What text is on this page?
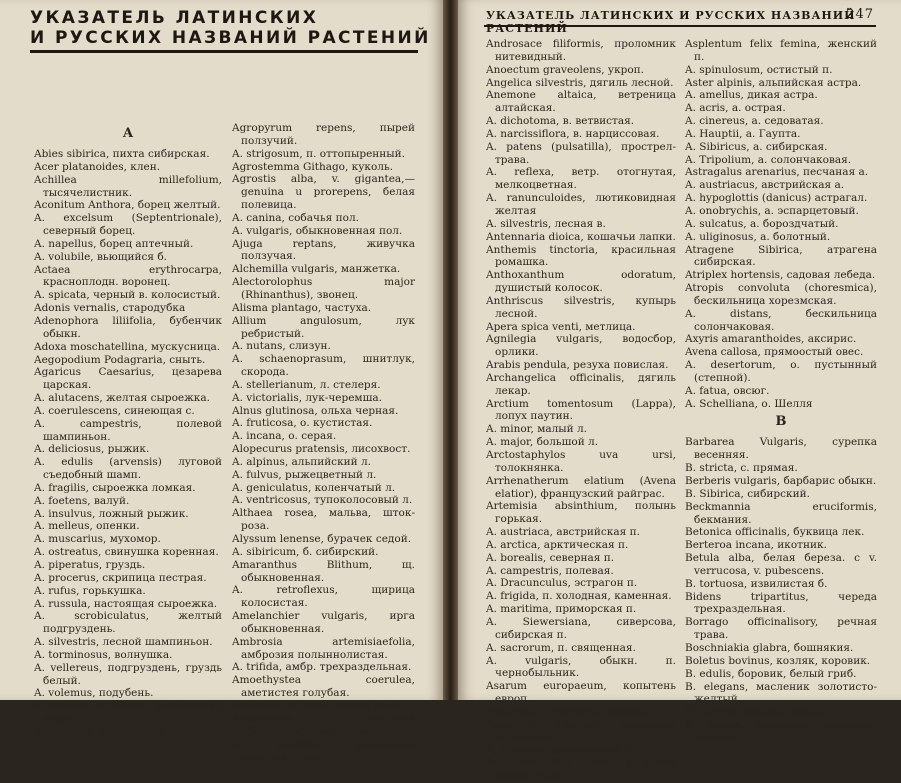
УКАЗАТЕЛЬ ЛАТИНСКИХ
И РУССКИХ НАЗВАНИЙ РАСТЕНИЙ
А

Abies sibirica, пихта сибирская.

Acer platanoides, клен.

Achillea millefolium, тысячелистник.

Aconitum Anthora, борец желтый.

A. excelsum (Septentrionale), северный борец.

A. napellus, борец аптечный.

A. volubile, вьющийся б.

Actaea erythrocarpa, красноплодн. воронец.

A. spicata, черный в. колосистый.

Adonis vernalis, стародубка

Adenophora liliifolia, бубенчик обыкн.

Adoxa moschatellina, мускусница.

Aegopodium Podagraria, сныть.

Agaricus Caesarius, цезарева царская.

A. alutacens, желтая сыроежка.

A. coerulescens, синеющая с.

A. campestris, полевой шампиньон.

A. deliciosus, рыжик.

A. edulis (arvensis) луговой съедобный шамп.

A. fragilis, сыроежка ломкая.

A. foetens, валуй.

A. insulvus, ложный рыжик.

A. melleus, опенки.

A. muscarius, мухомор.

A. ostreatus, свинушка коренная.

A. piperatus, груздь.

A. procerus, скрипица пестрая.

A. rufus, горькушка.

A. russula, настоящая сыроежка.

A. scrobiculatus, желтый подгруздень.

A. silvestris, лесной шампиньон.

A. torminosus, волнушка.

A. vellereus, подгруздень, груздь белый.

A. volemus, подубень.

Agrimonia eupatoria, репейничек европ.

A. pilosa, р. волосистый.

Agropyrum repens, пырей ползучий.

A. strigosum, п. оттопыренный.

Agrostemma Githago, куколь.

Agrostis alba, v. gigantea,—genuina u prorepens, белая полевица.

A. canina, собачья пол.

A. vulgaris, обыкновенная пол.

Ajuga reptans, живучка ползучая.

Alchemilla vulgaris, манжетка.

Alectorolophus major (Rhinanthus), звонец.

Alisma plantago, частуха.

Allium angulosum, лук ребристый.

A. nutans, слизун.

A. schaenoprasum, шнитлук, скорода.

A. stellerianum, л. стелеря.

A. victorialis, лук-черемша.

Alnus glutinosa, ольха черная.

A. fruticosa, о. кустистая.

A. incana, о. серая.

Alopecurus pratensis, лисохвост.

A. alpinus, альпийский л.

A. fulvus, рыжецветный л.

A. geniculatus, коленчатый л.

A. ventricosus, тупоколосовый л.

Althaea rosea, мальва, шток-роза.

Alyssum lenense, бурачек седой.

A. sibiricum, б. сибирский.

Amaranthus Blithum, щ. обыкновенная.

A. retroflexus, щирица колосистая.

Amelanchier vulgaris, ирга обыкновенная.

Ambrosia artemisiaefolia, амброзия полыннолистая.

A. trifida, амбр. трехраздельная.

Amoethystea coerulea, аметистея голубая.

Anagallis vulgaris, очный цвет.

Andromeda calyculata (Cassandra), кассандра обыкн.

A. polifolia, андромеда многолистная.

УКАЗАТЕЛЬ ЛАТИНСКИХ И РУССКИХ НАЗВАНИЙ РАСТЕНИЙ
247

Androsace filiformis, проломник нитевидный.

Anoectum graveolens, укроп.

Angelica silvestris, дягиль лесной.

Anemone altaica, ветреница алтайская.

A. dichotoma, в. ветвистая.

A. narcissiflora, в. нарциссовая.

A. patens (pulsatilla), прострел-трава.

A. reflexa, ветр. отогнутая, мелкоцветная.

A. ranunculoides, лютиковидная желтая

A. silvestris, лесная в.

Antennaria dioica, кошачьи лапки.

Anthemis tinctoria, красильная ромашка.

Anthoxanthum odoratum, душистый колосок.

Anthriscus silvestris, купырь лесной.

Apera spica venti, метлица.

Agnilegia vulgaris, водосбор, орлики.

Arabis pendula, резуха повислая.

Archangelica officinalis, дягиль лекар.

Arctium tomentosum (Lappa), лопух паутин.

A. minor, малый л.

A. major, большой л.

Arctostaphylos uva ursi, толокнянка.

Arrhenatherum elatium (Avena elatior), французский райграс.

Artemisia absinthium, полынь горькая.

A. austriaca, австрийская п.

A. arctica, арктическая п.

A. borealis, северная п.

A. campestris, полевая.

A. Dracunculus, эстрагон п.

A. frigida, п. холодная, каменная.

A. maritima, приморская п.

A. Siewersiana, сиверсова, сибирская п.

A. sacrorum, п. священная.

A. vulgaris, обыкн. п. чернобыльник.

Asarum europaeum, копытень европ.

Asparagus officinalis, спаржа.

Asperula odorata, ясменник душистый.

A. tinctoria, красильный я.

Aspidium filix Mas, мужской папоротник.

Asplentum felix femina, женский п.

A. spinulosum, остистый п.

Aster alpinis, альпийская астра.

A. amellus, дикая астра.

A. acris, а. острая.

A. cinereus, а. седоватая.

A. Hauptii, а. Гаупта.

A. Sibiricus, а. сибирская.

A. Tripolium, а. солончаковая.

Astragalus arenarius, песчаная а.

A. austriacus, австрийская а.

A. hypoglottis (danicus) астрагал.

A. onobrychis, а. эспарцетовый.

A. sulcatus, а. бороздчатый.

A. uliginosus, а. болотный.

Atragene Sibirica, атрагена сибирская.

Atriplex hortensis, садовая лебеда.

Atropis convoluta (choresmica), бескильница хорезмская.

A. distans, бескильница солончаковая.

Axyris amaranthoides, аксирис.

Avena callosa, прямоостый овес.

A. desertorum, о. пустынный (степной).

A. fatua, овсюг.

A. Schelliana, о. Шелля

B

Barbarea Vulgaris, сурепка весенняя.

B. stricta, с. прямая.

Berberis vulgaris, барбарис обыкн.

B. Sibirica, сибирский.

Beckmannia eruciformis, бекмания.

Betonica officinalis, буквица лек.

Berteroa incana, икотник.

Betula alba, белая береза. с v. verrucosa, v. pubescens.

B. tortuosa, извилистая б.

Bidens tripartitus, череда трехраздельная.

Borrago officinalisory, речная трава.

Boschniakia glabra, бошнякия.

Boletus bovinus, козляк, коровик.

B. edulis, боровик, белый гриб.

B. elegans, масленик золотисто-желтый.

B. luridus, красик, синяк.

B. luteus, масленик, лимонно-желтый.
